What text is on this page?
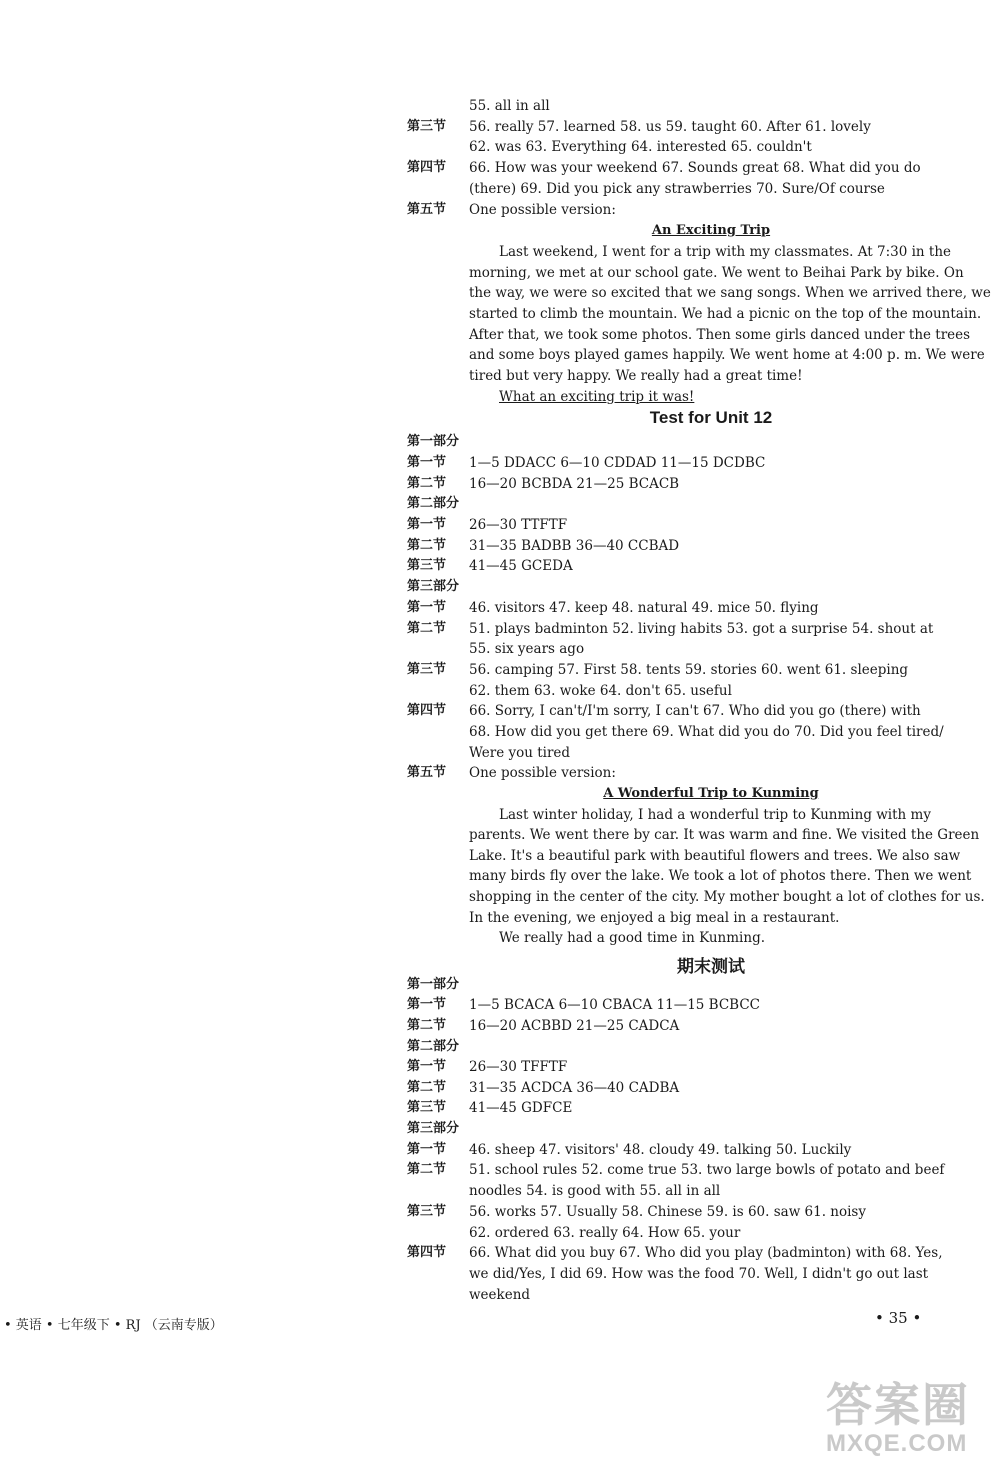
55. all in all
第三节	56. really 57. learned 58. us 59. taught 60. After 61. lovely
62. was 63. Everything 64. interested 65. couldn't
第四节	66. How was your weekend 67. Sounds great 68. What did you do
(there) 69. Did you pick any strawberries 70. Sure/Of course
第五节	One possible version:
An Exciting Trip
Last weekend, I went for a trip with my classmates. At 7:30 in the
morning, we met at our school gate. We went to Beihai Park by bike. On
the way, we were so excited that we sang songs. When we arrived there, we
started to climb the mountain. We had a picnic on the top of the mountain.
After that, we took some photos. Then some girls danced under the trees
and some boys played games happily. We went home at 4:00 p. m. We were
tired but very happy. We really had a great time!
What an exciting trip it was!
Test for Unit 12
第一部分
第一节	1—5 DDACC 6—10 CDDAD 11—15 DCDBC
第二节	16—20 BCBDA 21—25 BCACB
第二部分
第一节	26—30 TTFTF
第二节	31—35 BADBB 36—40 CCBAD
第三节	41—45 GCEDA
第三部分
第一节	46. visitors 47. keep 48. natural 49. mice 50. flying
第二节	51. plays badminton 52. living habits 53. got a surprise 54. shout at
55. six years ago
第三节	56. camping 57. First 58. tents 59. stories 60. went 61. sleeping
62. them 63. woke 64. don't 65. useful
第四节	66. Sorry, I can't/I'm sorry, I can't 67. Who did you go (there) with
68. How did you get there 69. What did you do 70. Did you feel tired/
Were you tired
第五节	One possible version:
A Wonderful Trip to Kunming
Last winter holiday, I had a wonderful trip to Kunming with my
parents. We went there by car. It was warm and fine. We visited the Green
Lake. It's a beautiful park with beautiful flowers and trees. We also saw
many birds fly over the lake. We took a lot of photos there. Then we went
shopping in the center of the city. My mother bought a lot of clothes for us.
In the evening, we enjoyed a big meal in a restaurant.
We really had a good time in Kunming.
期末测试
第一部分
第一节	1—5 BCACA 6—10 CBACA 11—15 BCBCC
第二节	16—20 ACBBD 21—25 CADCA
第二部分
第一节	26—30 TFFTF
第二节	31—35 ACDCA 36—40 CADBA
第三节	41—45 GDFCE
第三部分
第一节	46. sheep 47. visitors' 48. cloudy 49. talking 50. Luckily
第二节	51. school rules 52. come true 53. two large bowls of potato and beef
noodles 54. is good with 55. all in all
第三节	56. works 57. Usually 58. Chinese 59. is 60. saw 61. noisy
62. ordered 63. really 64. How 65. your
第四节	66. What did you buy 67. Who did you play (badminton) with 68. Yes,
we did/Yes, I did 69. How was the food 70. Well, I didn't go out last
weekend
• 英语 • 七年级下 • RJ （云南专版）	• 35 •
答案圈
MXQE.COM
